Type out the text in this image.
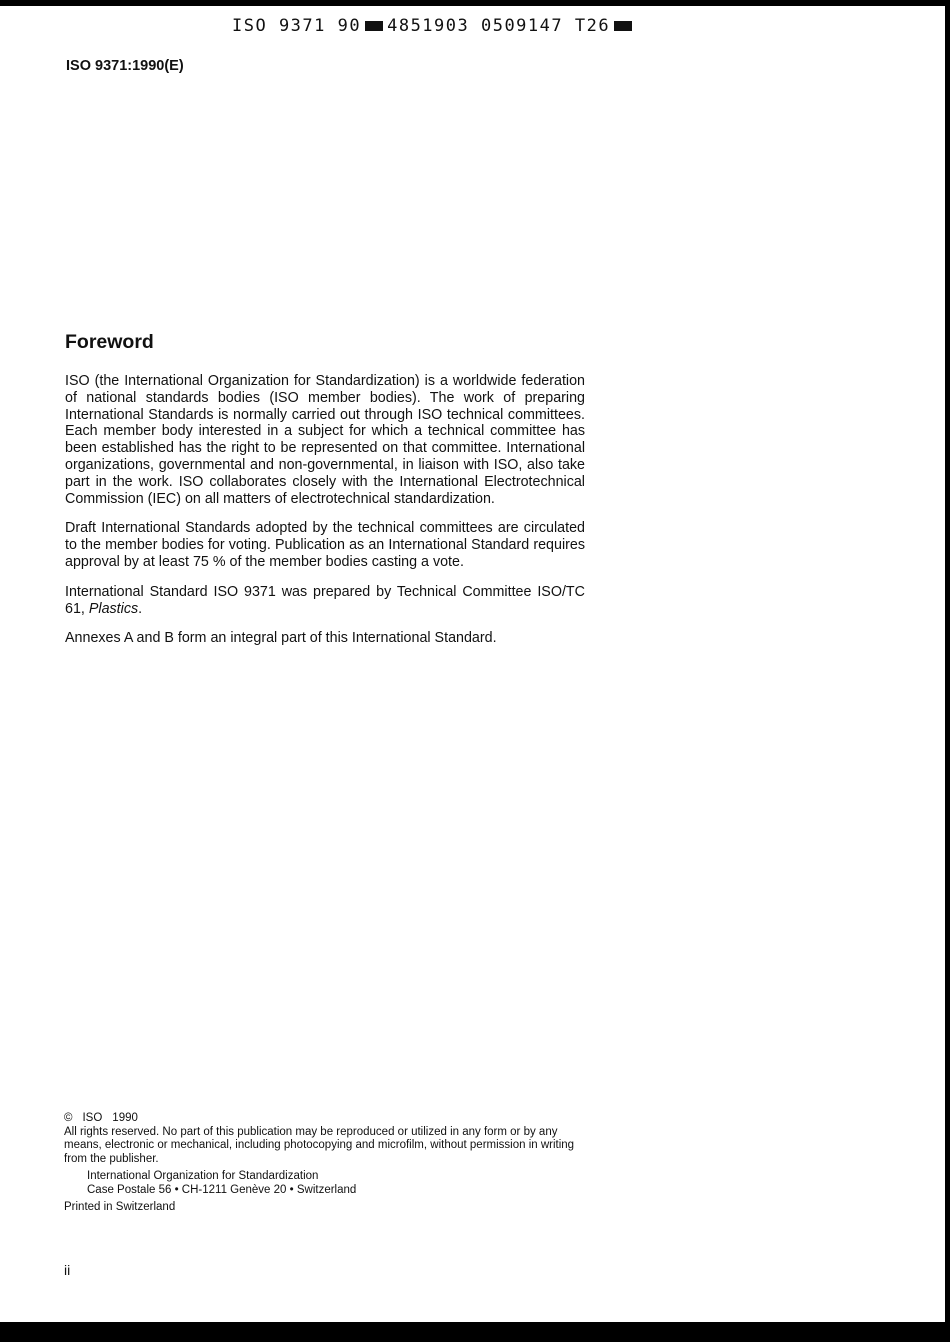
ISO 9371 90 4851903 0509147 T26
ISO 9371:1990(E)
Foreword

ISO (the International Organization for Standardization) is a worldwide federation of national standards bodies (ISO member bodies). The work of preparing International Standards is normally carried out through ISO technical committees. Each member body interested in a subject for which a technical committee has been established has the right to be represented on that committee. International organizations, governmental and non-governmental, in liaison with ISO, also take part in the work. ISO collaborates closely with the International Electrotechnical Commission (IEC) on all matters of electrotechnical standardization.

Draft International Standards adopted by the technical committees are circulated to the member bodies for voting. Publication as an International Standard requires approval by at least 75 % of the member bodies casting a vote.

International Standard ISO 9371 was prepared by Technical Committee ISO/TC 61, Plastics.

Annexes A and B form an integral part of this International Standard.

© ISO 1990

All rights reserved. No part of this publication may be reproduced or utilized in any form or by any means, electronic or mechanical, including photocopying and microfilm, without permission in writing from the publisher.

International Organization for Standardization
Case Postale 56 • CH-1211 Genève 20 • Switzerland

Printed in Switzerland

ii
